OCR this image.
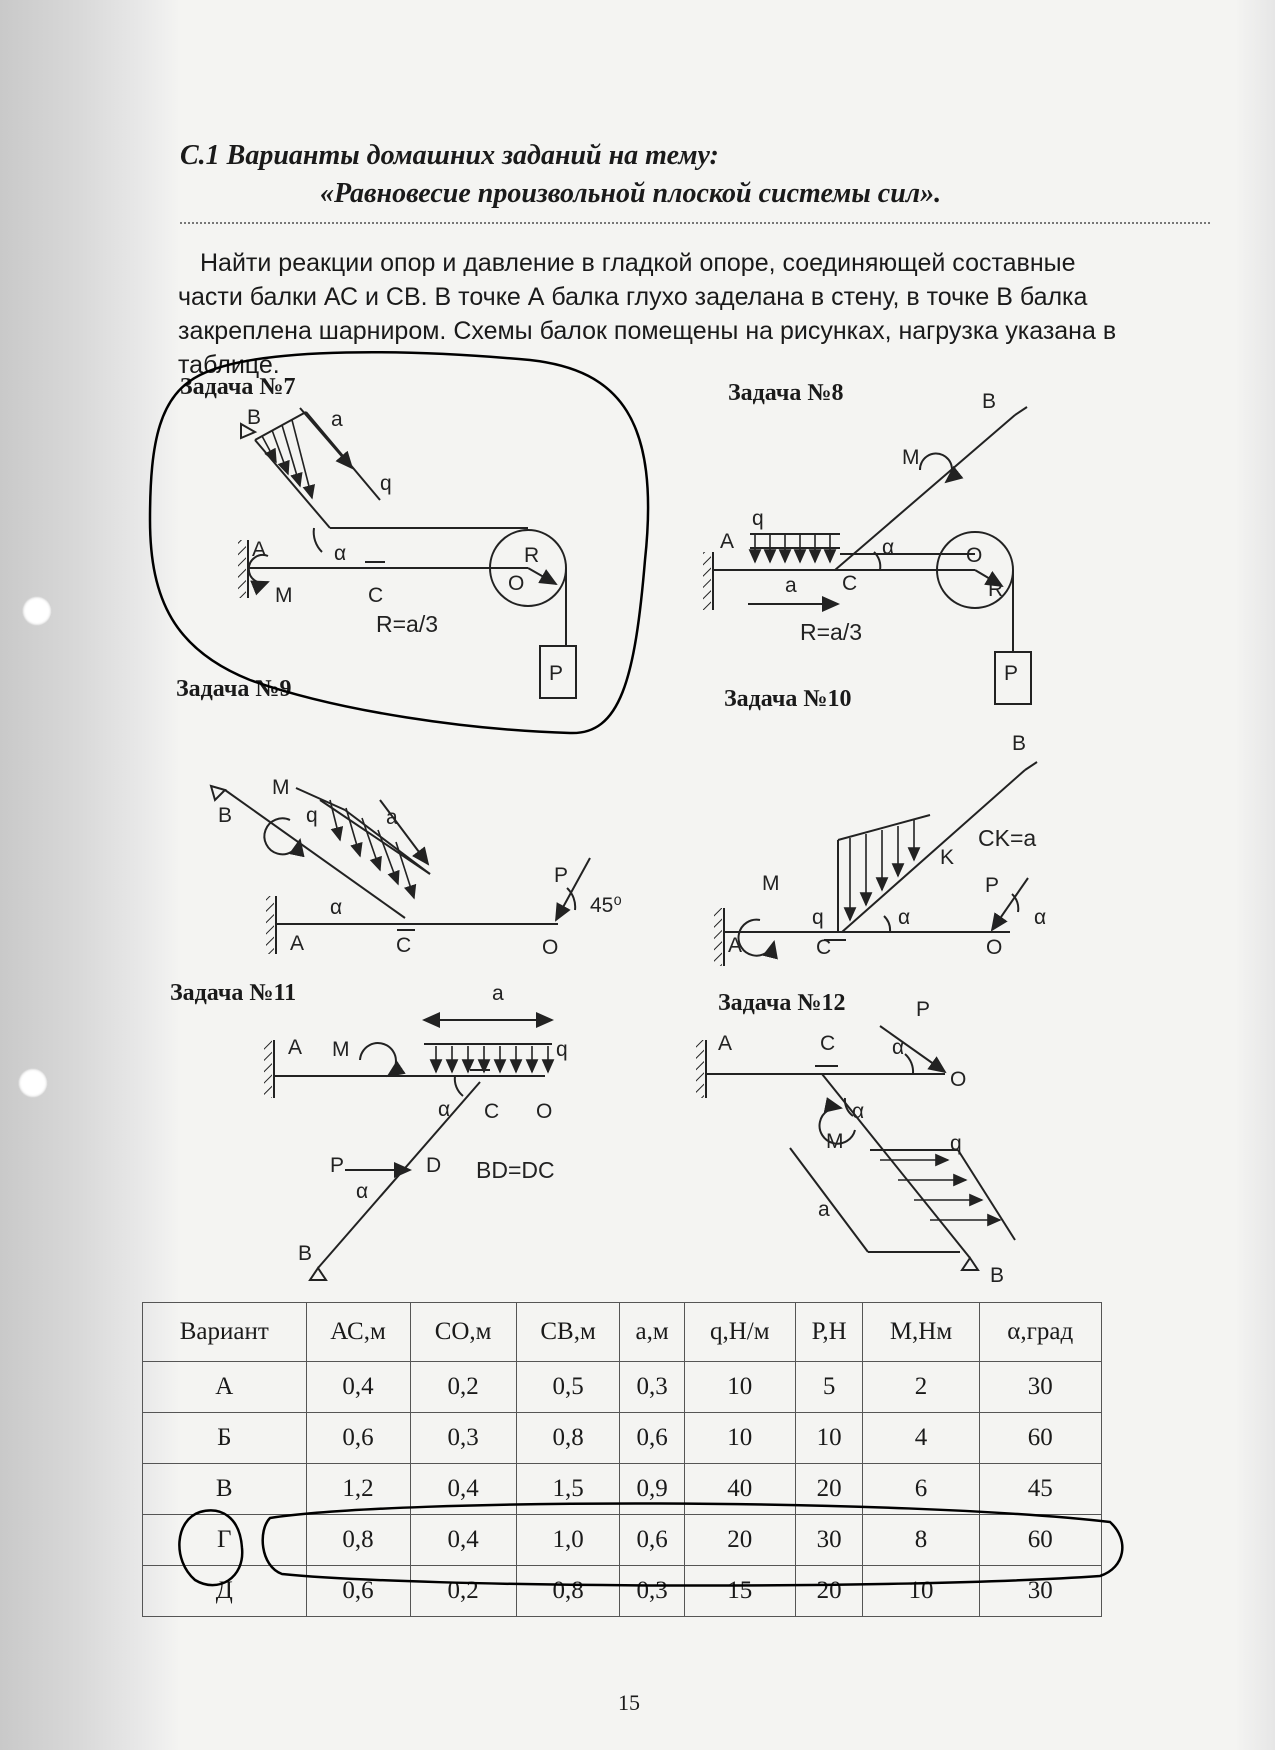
С.1 Варианты домашних заданий на тему:
«Равновесие произвольной плоской системы сил».

Найти реакции опор и давление в гладкой опоре, соединяющей составные части балки АС и СВ. В точке А балка глухо заделана в стену, в точке В балка закреплена шарниром. Схемы балок помещены на рисунках, нагрузка указана в таблице.

Задача №7	Задача №8
Задача №9	Задача №10
Задача №11	Задача №12
B	a
q
A	α
M	C
R
O
R=a/3
P
B
M
q
A	α	O
R
a C
R=a/3
P
M
B	q	a
P
45⁰
α
A	C	O
B
CK=a
K
M	P
q	α	α
A	C	O
a
A M	q
α C O
P	D BD=DC
α
B
P
A	C	α
O
α
M	q
a
B
Вариант	АС,м	СО,м	СВ,м	а,м	q,Н/м	Р,Н	М,Нм	α,град
А	0,4	0,2	0,5	0,3	10	5	2	30
Б	0,6	0,3	0,8	0,6	10	10	4	60
В	1,2	0,4	1,5	0,9	40	20	6	45
Г	0,8	0,4	1,0	0,6	20	30	8	60
Д	0,6	0,2	0,8	0,3	15	20	10	30
15
